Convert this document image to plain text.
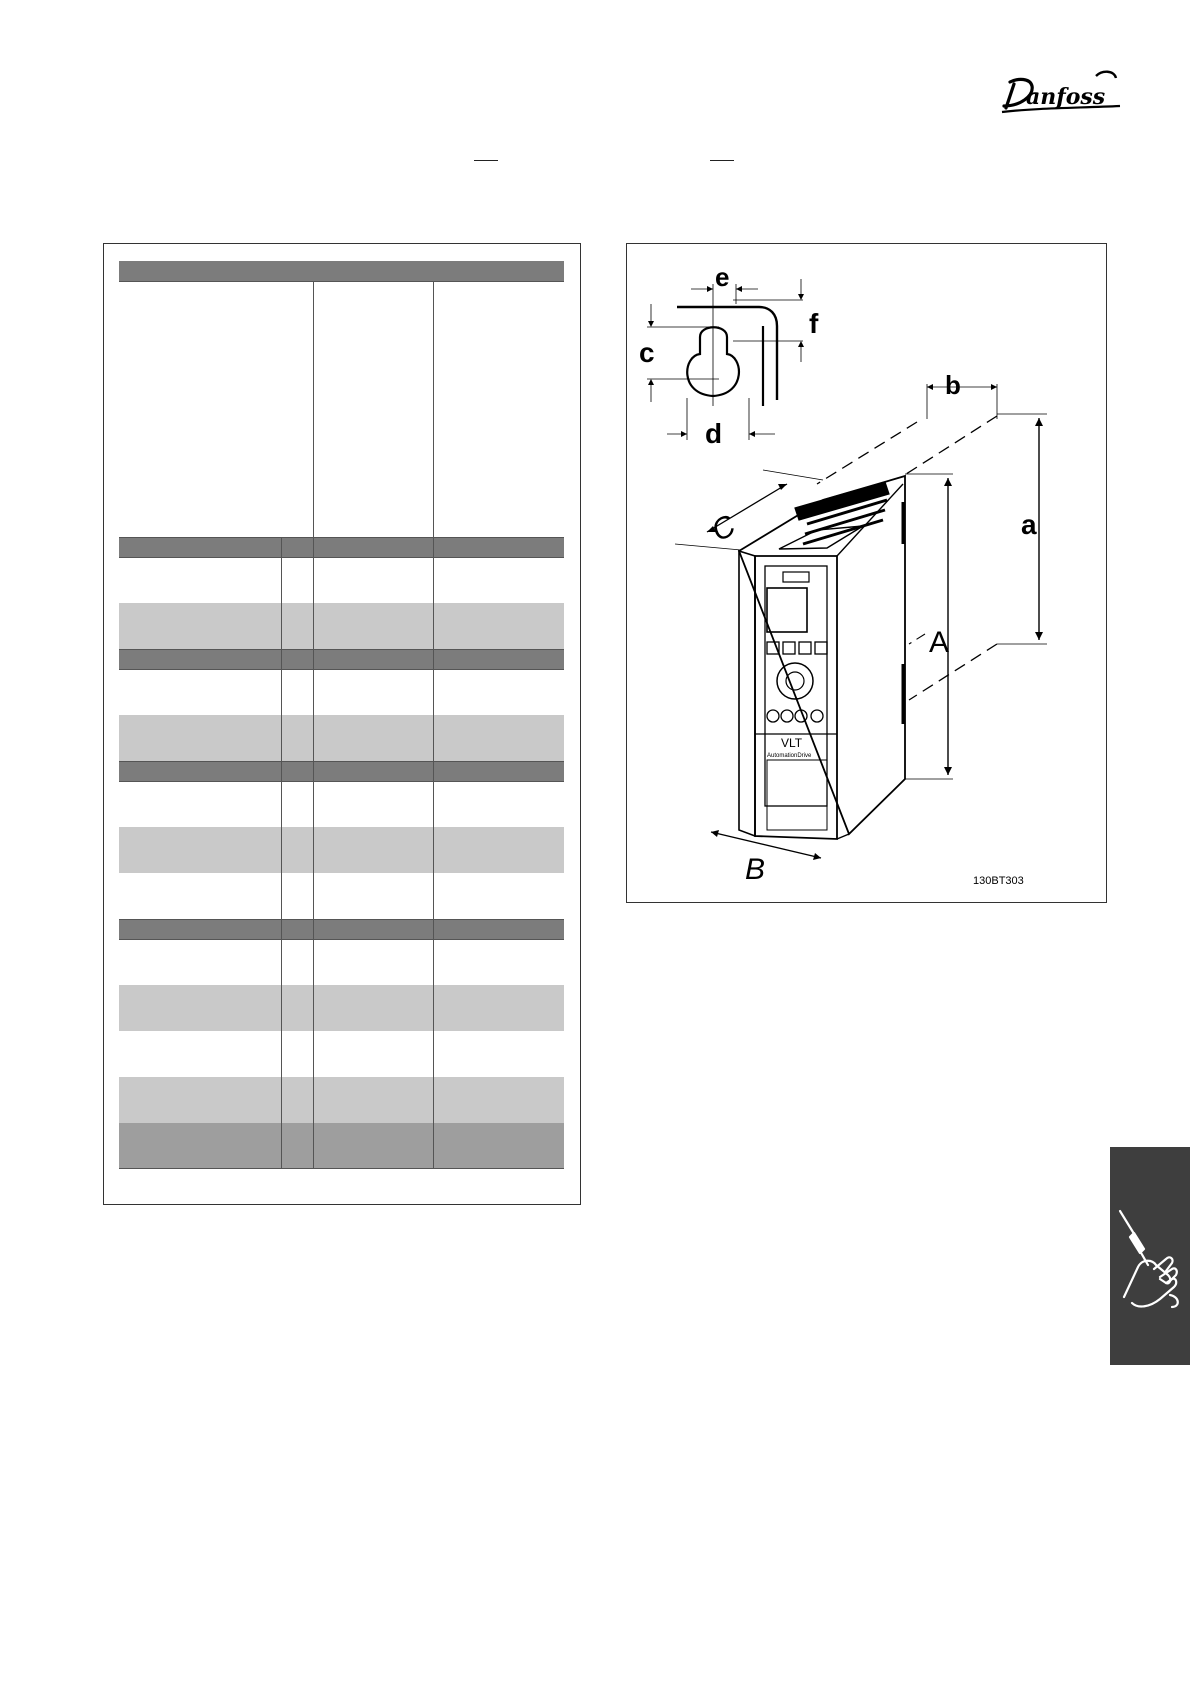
anfoss
e
f
c
d
b
a
A
B
C
VLT
AutomationDrive
130BT303
